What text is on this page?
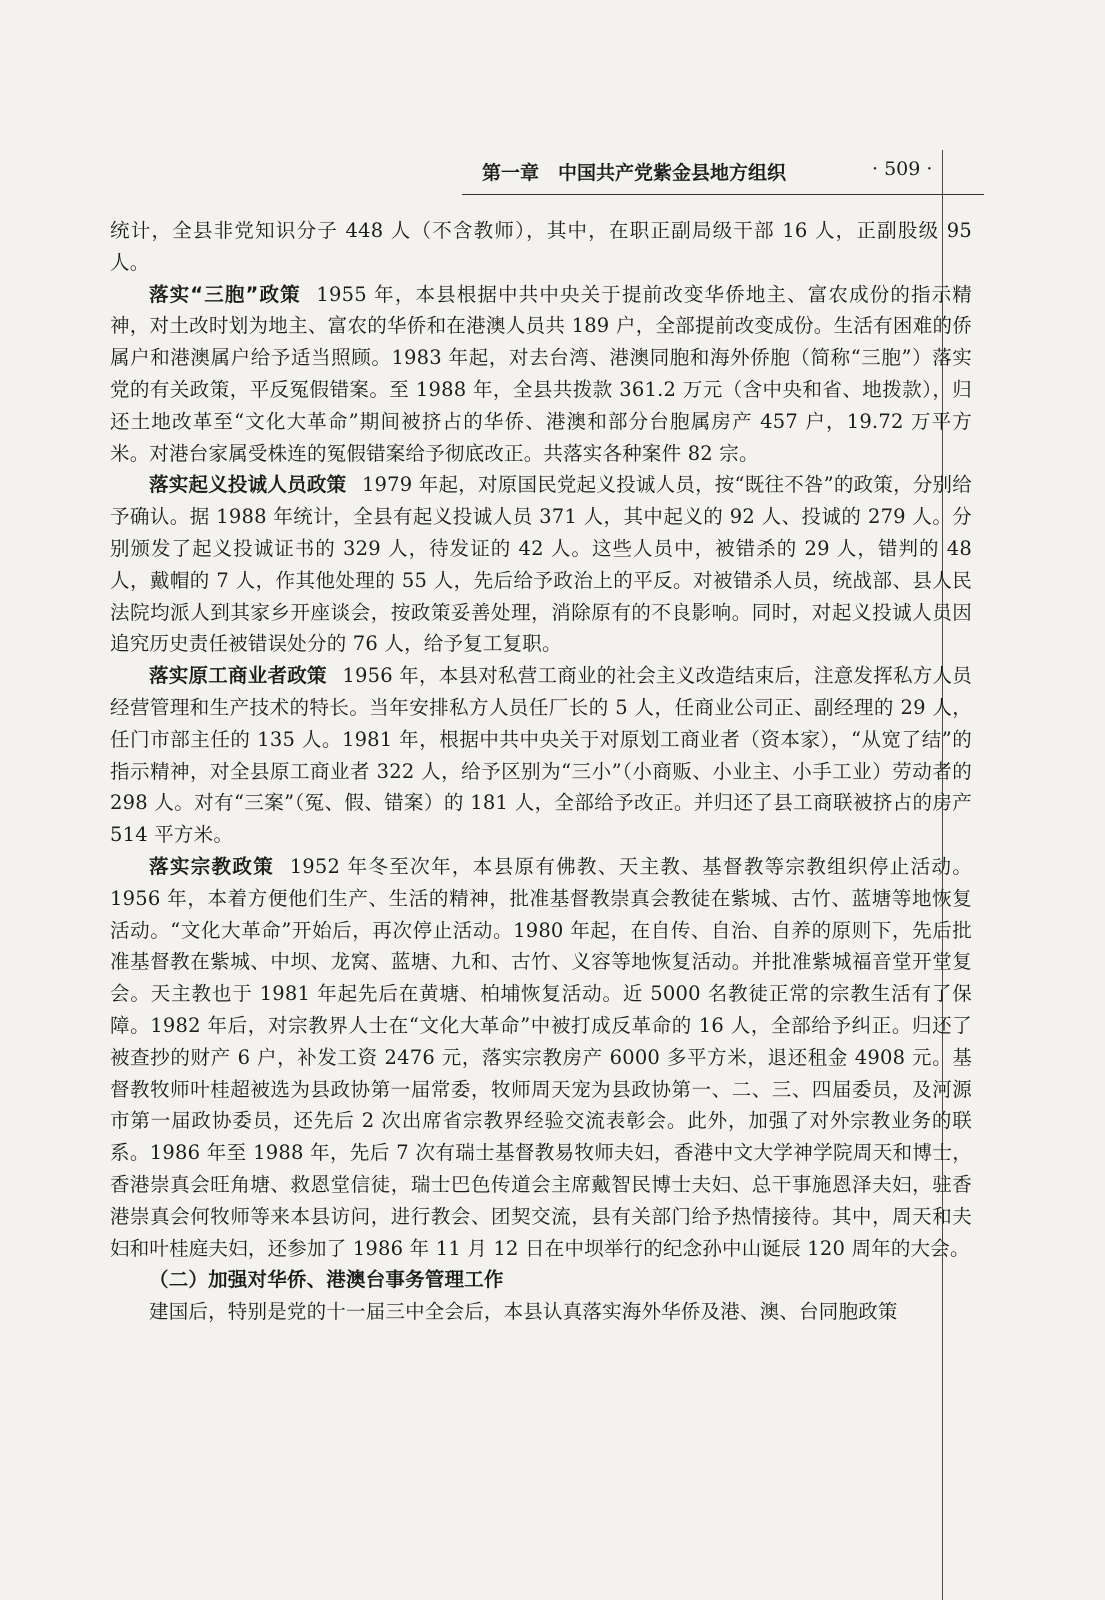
第一章　中国共产党紫金县地方组织	· 509 ·

统计，全县非党知识分子 448 人（不含教师），其中，在职正副局级干部 16 人，正副股级 95 人。

落实“三胞”政策 1955 年，本县根据中共中央关于提前改变华侨地主、富农成份的指示精神，对土改时划为地主、富农的华侨和在港澳人员共 189 户，全部提前改变成份。生活有困难的侨属户和港澳属户给予适当照顾。1983 年起，对去台湾、港澳同胞和海外侨胞（简称“三胞”）落实党的有关政策，平反冤假错案。至 1988 年，全县共拨款 361.2 万元（含中央和省、地拨款），归还土地改革至“文化大革命”期间被挤占的华侨、港澳和部分台胞属房产 457 户，19.72 万平方米。对港台家属受株连的冤假错案给予彻底改正。共落实各种案件 82 宗。

落实起义投诚人员政策 1979 年起，对原国民党起义投诚人员，按“既往不咎”的政策，分别给予确认。据 1988 年统计，全县有起义投诚人员 371 人，其中起义的 92 人、投诚的 279 人。分别颁发了起义投诚证书的 329 人，待发证的 42 人。这些人员中，被错杀的 29 人，错判的 48 人，戴帽的 7 人，作其他处理的 55 人，先后给予政治上的平反。对被错杀人员，统战部、县人民法院均派人到其家乡开座谈会，按政策妥善处理，消除原有的不良影响。同时，对起义投诚人员因追究历史责任被错误处分的 76 人，给予复工复职。

落实原工商业者政策 1956 年，本县对私营工商业的社会主义改造结束后，注意发挥私方人员经营管理和生产技术的特长。当年安排私方人员任厂长的 5 人，任商业公司正、副经理的 29 人，任门市部主任的 135 人。1981 年，根据中共中央关于对原划工商业者（资本家），“从宽了结”的指示精神，对全县原工商业者 322 人，给予区别为“三小”（小商贩、小业主、小手工业）劳动者的 298 人。对有“三案”（冤、假、错案）的 181 人，全部给予改正。并归还了县工商联被挤占的房产 514 平方米。

落实宗教政策 1952 年冬至次年，本县原有佛教、天主教、基督教等宗教组织停止活动。1956 年，本着方便他们生产、生活的精神，批准基督教崇真会教徒在紫城、古竹、蓝塘等地恢复活动。“文化大革命”开始后，再次停止活动。1980 年起，在自传、自治、自养的原则下，先后批准基督教在紫城、中坝、龙窝、蓝塘、九和、古竹、义容等地恢复活动。并批准紫城福音堂开堂复会。天主教也于 1981 年起先后在黄塘、柏埔恢复活动。近 5000 名教徒正常的宗教生活有了保障。1982 年后，对宗教界人士在“文化大革命”中被打成反革命的 16 人，全部给予纠正。归还了被查抄的财产 6 户，补发工资 2476 元，落实宗教房产 6000 多平方米，退还租金 4908 元。基督教牧师叶桂超被选为县政协第一届常委，牧师周天宠为县政协第一、二、三、四届委员，及河源市第一届政协委员，还先后 2 次出席省宗教界经验交流表彰会。此外，加强了对外宗教业务的联系。1986 年至 1988 年，先后 7 次有瑞士基督教易牧师夫妇，香港中文大学神学院周天和博士，香港崇真会旺角塘、救恩堂信徒，瑞士巴色传道会主席戴智民博士夫妇、总干事施恩泽夫妇，驻香港崇真会何牧师等来本县访问，进行教会、团契交流，县有关部门给予热情接待。其中，周天和夫妇和叶桂庭夫妇，还参加了 1986 年 11 月 12 日在中坝举行的纪念孙中山诞辰 120 周年的大会。

（二）加强对华侨、港澳台事务管理工作

建国后，特别是党的十一届三中全会后，本县认真落实海外华侨及港、澳、台同胞政策
